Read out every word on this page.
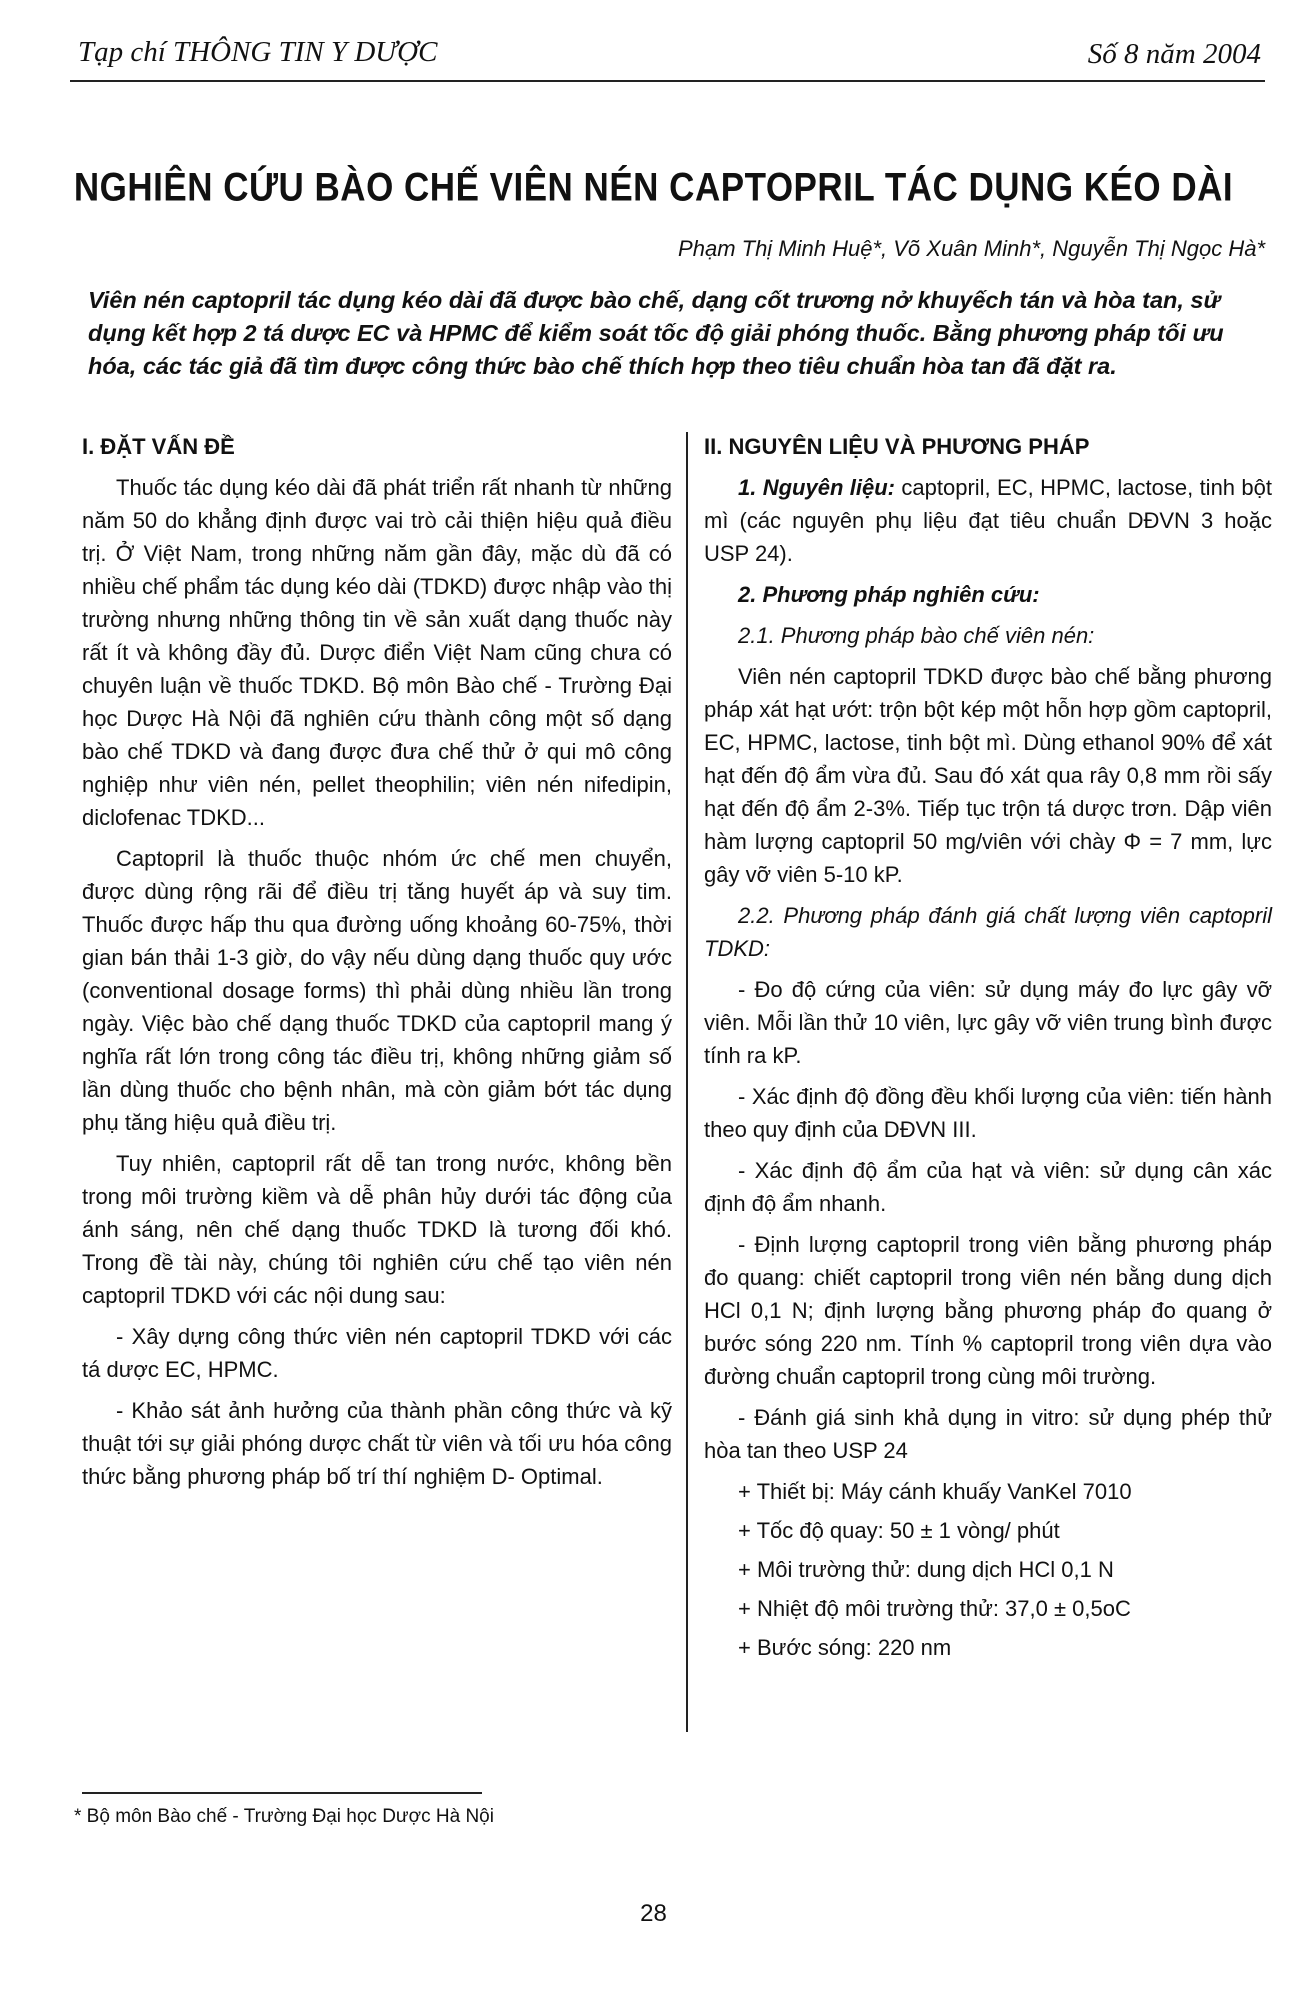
Tạp chí THÔNG TIN Y DƯỢC	Số 8 năm 2004
NGHIÊN CỨU BÀO CHẾ VIÊN NÉN CAPTOPRIL TÁC DỤNG KÉO DÀI
Phạm Thị Minh Huệ*, Võ Xuân Minh*, Nguyễn Thị Ngọc Hà*
Viên nén captopril tác dụng kéo dài đã được bào chế, dạng cốt trương nở khuyếch tán và hòa tan, sử dụng kết hợp 2 tá dược EC và HPMC để kiểm soát tốc độ giải phóng thuốc. Bằng phương pháp tối ưu hóa, các tác giả đã tìm được công thức bào chế thích hợp theo tiêu chuẩn hòa tan đã đặt ra.
I. ĐẶT VẤN ĐỀ

Thuốc tác dụng kéo dài đã phát triển rất nhanh từ những năm 50 do khẳng định được vai trò cải thiện hiệu quả điều trị. Ở Việt Nam, trong những năm gần đây, mặc dù đã có nhiều chế phẩm tác dụng kéo dài (TDKD) được nhập vào thị trường nhưng những thông tin về sản xuất dạng thuốc này rất ít và không đầy đủ. Dược điển Việt Nam cũng chưa có chuyên luận về thuốc TDKD. Bộ môn Bào chế - Trường Đại học Dược Hà Nội đã nghiên cứu thành công một số dạng bào chế TDKD và đang được đưa chế thử ở qui mô công nghiệp như viên nén, pellet theophilin; viên nén nifedipin, diclofenac TDKD...

Captopril là thuốc thuộc nhóm ức chế men chuyển, được dùng rộng rãi để điều trị tăng huyết áp và suy tim. Thuốc được hấp thu qua đường uống khoảng 60-75%, thời gian bán thải 1-3 giờ, do vậy nếu dùng dạng thuốc quy ước (conventional dosage forms) thì phải dùng nhiều lần trong ngày. Việc bào chế dạng thuốc TDKD của captopril mang ý nghĩa rất lớn trong công tác điều trị, không những giảm số lần dùng thuốc cho bệnh nhân, mà còn giảm bớt tác dụng phụ tăng hiệu quả điều trị.

Tuy nhiên, captopril rất dễ tan trong nước, không bền trong môi trường kiềm và dễ phân hủy dưới tác động của ánh sáng, nên chế dạng thuốc TDKD là tương đối khó. Trong đề tài này, chúng tôi nghiên cứu chế tạo viên nén captopril TDKD với các nội dung sau:

- Xây dựng công thức viên nén captopril TDKD với các tá dược EC, HPMC.

- Khảo sát ảnh hưởng của thành phần công thức và kỹ thuật tới sự giải phóng dược chất từ viên và tối ưu hóa công thức bằng phương pháp bố trí thí nghiệm D- Optimal.

II. NGUYÊN LIỆU VÀ PHƯƠNG PHÁP

1. Nguyên liệu: captopril, EC, HPMC, lactose, tinh bột mì (các nguyên phụ liệu đạt tiêu chuẩn DĐVN 3 hoặc USP 24).

2. Phương pháp nghiên cứu:

2.1. Phương pháp bào chế viên nén:

Viên nén captopril TDKD được bào chế bằng phương pháp xát hạt ướt: trộn bột kép một hỗn hợp gồm captopril, EC, HPMC, lactose, tinh bột mì. Dùng ethanol 90% để xát hạt đến độ ẩm vừa đủ. Sau đó xát qua rây 0,8 mm rồi sấy hạt đến độ ẩm 2-3%. Tiếp tục trộn tá dược trơn. Dập viên hàm lượng captopril 50 mg/viên với chày Φ = 7 mm, lực gây vỡ viên 5-10 kP.

2.2. Phương pháp đánh giá chất lượng viên captopril TDKD:

- Đo độ cứng của viên: sử dụng máy đo lực gây vỡ viên. Mỗi lần thử 10 viên, lực gây vỡ viên trung bình được tính ra kP.

- Xác định độ đồng đều khối lượng của viên: tiến hành theo quy định của DĐVN III.

- Xác định độ ẩm của hạt và viên: sử dụng cân xác định độ ẩm nhanh.

- Định lượng captopril trong viên bằng phương pháp đo quang: chiết captopril trong viên nén bằng dung dịch HCl 0,1 N; định lượng bằng phương pháp đo quang ở bước sóng 220 nm. Tính % captopril trong viên dựa vào đường chuẩn captopril trong cùng môi trường.

- Đánh giá sinh khả dụng in vitro: sử dụng phép thử hòa tan theo USP 24

+ Thiết bị: Máy cánh khuấy VanKel 7010

+ Tốc độ quay: 50 ± 1 vòng/ phút

+ Môi trường thử: dung dịch HCl 0,1 N

+ Nhiệt độ môi trường thử: 37,0 ± 0,5oC

+ Bước sóng: 220 nm

* Bộ môn Bào chế - Trường Đại học Dược Hà Nội
28
